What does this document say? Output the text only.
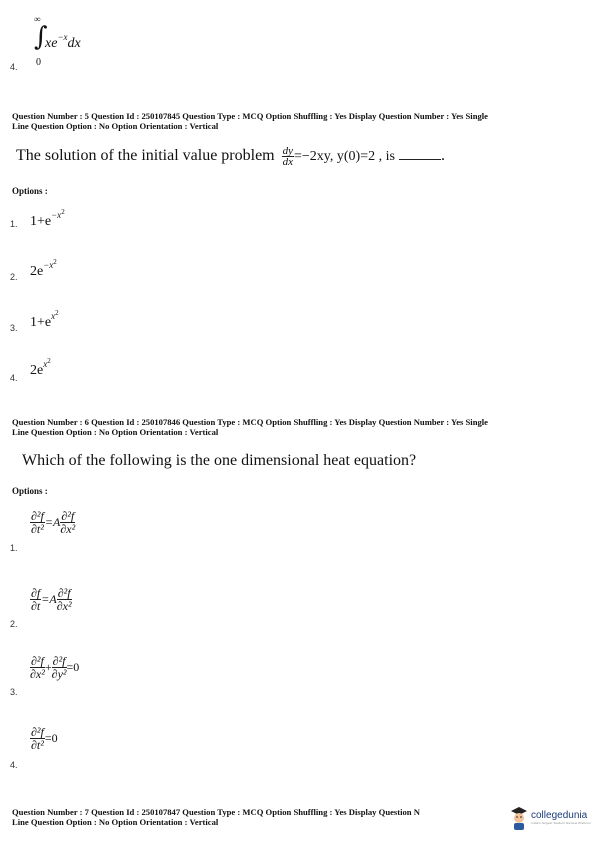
∞
∫
$xe^{-x}dx$
0
4.
Question Number : 5 Question Id : 250107845 Question Type : MCQ Option Shuffling : Yes Display Question Number : Yes Single
Line Question Option : No Option Orientation : Vertical
The solution of the initial value problem $\frac{dy}{dx} =-2xy$, y(0)=2 , is	.
Options :
1. $1+e^{-x^2}$
2. $2e^{-x^2}$
3. $1+e^{x^2}$
4. $2e^{x^2}$
Question Number : 6 Question Id : 250107846 Question Type : MCQ Option Shuffling : Yes Display Question Number : Yes Single
Line Question Option : No Option Orientation : Vertical
Which of the following is the one dimensional heat equation?
Options :
1.
$\frac{\text{∂²f}}{\text{∂t²}} =A \frac{\text{∂²f}}{\text{∂x²}}$
2.
$\frac{\partial f}{\partial t} =A \frac{\text{∂²f}}{\text{∂x²}}$
3.
$\frac{\text{∂²f}}{\text{∂x²}} + \frac{\text{∂²f}}{\text{∂y²}} =0$
4.
$\frac{\text{∂²f}}{\text{∂t²}} =0$
Question Number : 7 Question Id : 250107847 Question Type : MCQ Option Shuffling : Yes Display Question N
Line Question Option : No Option Orientation : Vertical
collegedunia
India's largest Student Review Platform
